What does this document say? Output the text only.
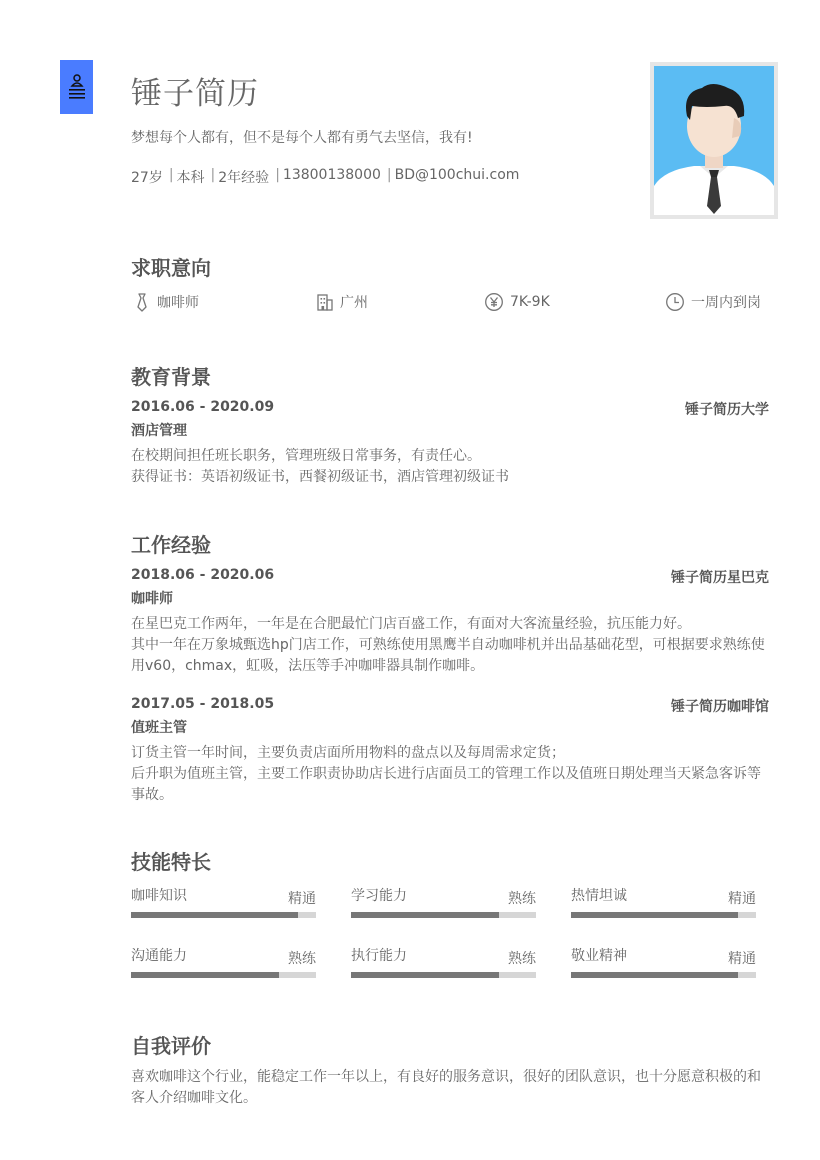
锤子简历
梦想每个人都有，但不是每个人都有勇气去坚信，我有!
27岁 | 本科 | 2年经验 | 13800138000 | BD@100chui.com
求职意向
咖啡师	广州	7K-9K	一周内到岗
教育背景
2016.06 - 2020.09	锤子简历大学
酒店管理
在校期间担任班长职务，管理班级日常事务，有责任心。
获得证书：英语初级证书，西餐初级证书，酒店管理初级证书
工作经验
2018.06 - 2020.06	锤子简历星巴克
咖啡师
在星巴克工作两年，一年是在合肥最忙门店百盛工作，有面对大客流量经验，抗压能力好。
其中一年在万象城甄选hp门店工作，可熟练使用黑鹰半自动咖啡机并出品基础花型，可根据要求熟练使用v60，chmax，虹吸，法压等手冲咖啡器具制作咖啡。
2017.05 - 2018.05	锤子简历咖啡馆
值班主管
订货主管一年时间，主要负责店面所用物料的盘点以及每周需求定货；
后升职为值班主管，主要工作职责协助店长进行店面员工的管理工作以及值班日期处理当天紧急客诉等事故。
技能特长
咖啡知识	精通	学习能力	熟练	热情坦诚	精通
沟通能力	熟练	执行能力	熟练	敬业精神	精通
自我评价

喜欢咖啡这个行业，能稳定工作一年以上，有良好的服务意识，很好的团队意识，也十分愿意积极的和客人介绍咖啡文化。
